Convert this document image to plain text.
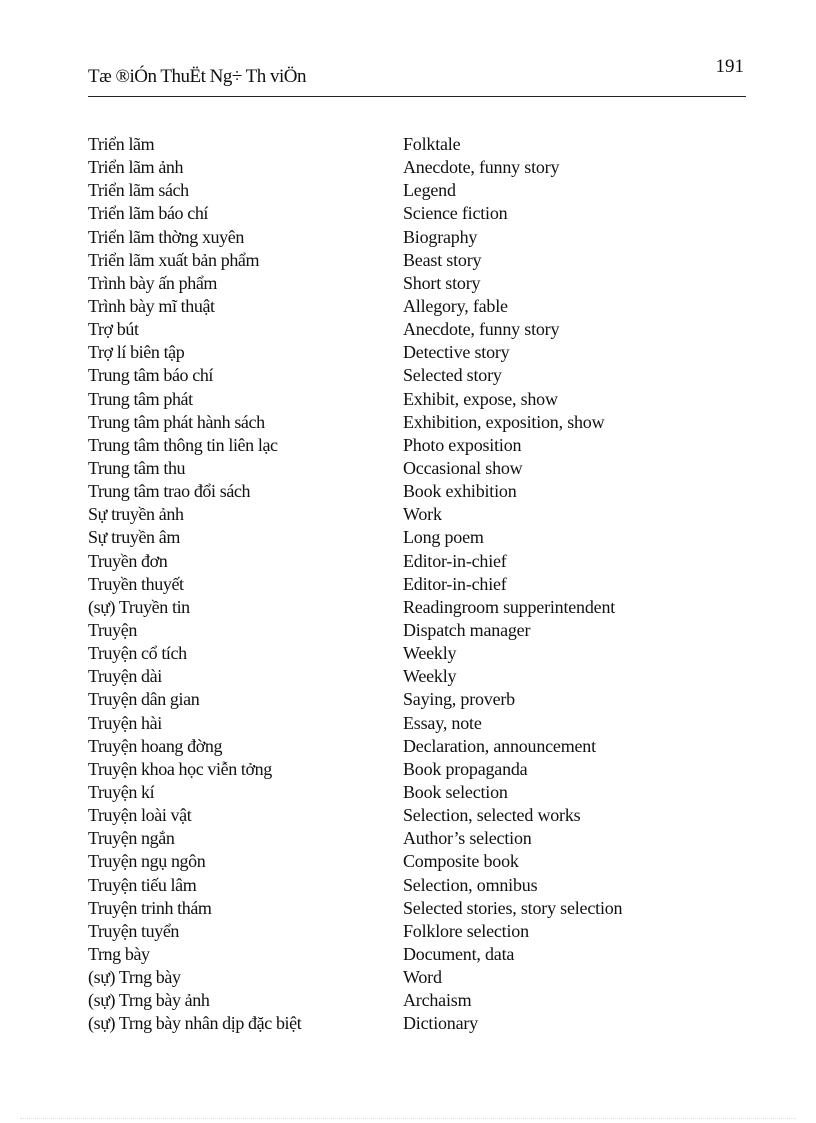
Tæ ®iÓn ThuËt Ng÷ Th viÖn	191
Triển lãm	Folktale
Triển lãm ảnh	Anecdote, funny story
Triển lãm sách	Legend
Triển lãm báo chí	Science fiction
Triển lãm thờng xuyên	Biography
Triển lãm xuất bản phẩm	Beast story
Trình bày ấn phẩm	Short story
Trình bày mĩ thuật	Allegory, fable
Trợ bút	Anecdote, funny story
Trợ lí biên tập	Detective story
Trung tâm báo chí	Selected story
Trung tâm phát	Exhibit, expose, show
Trung tâm phát hành sách	Exhibition, exposition, show
Trung tâm thông tin liên lạc	Photo exposition
Trung tâm thu	Occasional show
Trung tâm trao đổi sách	Book exhibition
Sự truyền ảnh	Work
Sự truyền âm	Long poem
Truyền đơn	Editor-in-chief
Truyền thuyết	Editor-in-chief
(sự) Truyền tin	Readingroom supperintendent
Truyện	Dispatch manager
Truyện cổ tích	Weekly
Truyện dài	Weekly
Truyện dân gian	Saying, proverb
Truyện hài	Essay, note
Truyện hoang đờng	Declaration, announcement
Truyện khoa học viễn tởng	Book propaganda
Truyện kí	Book selection
Truyện loài vật	Selection, selected works
Truyện ngắn	Author’s selection
Truyện ngụ ngôn	Composite book
Truyện tiếu lâm	Selection, omnibus
Truyện trinh thám	Selected stories, story selection
Truyện tuyển	Folklore selection
Trng bày	Document, data
(sự) Trng bày	Word
(sự) Trng bày ảnh	Archaism
(sự) Trng bày nhân dịp đặc biệt	Dictionary
